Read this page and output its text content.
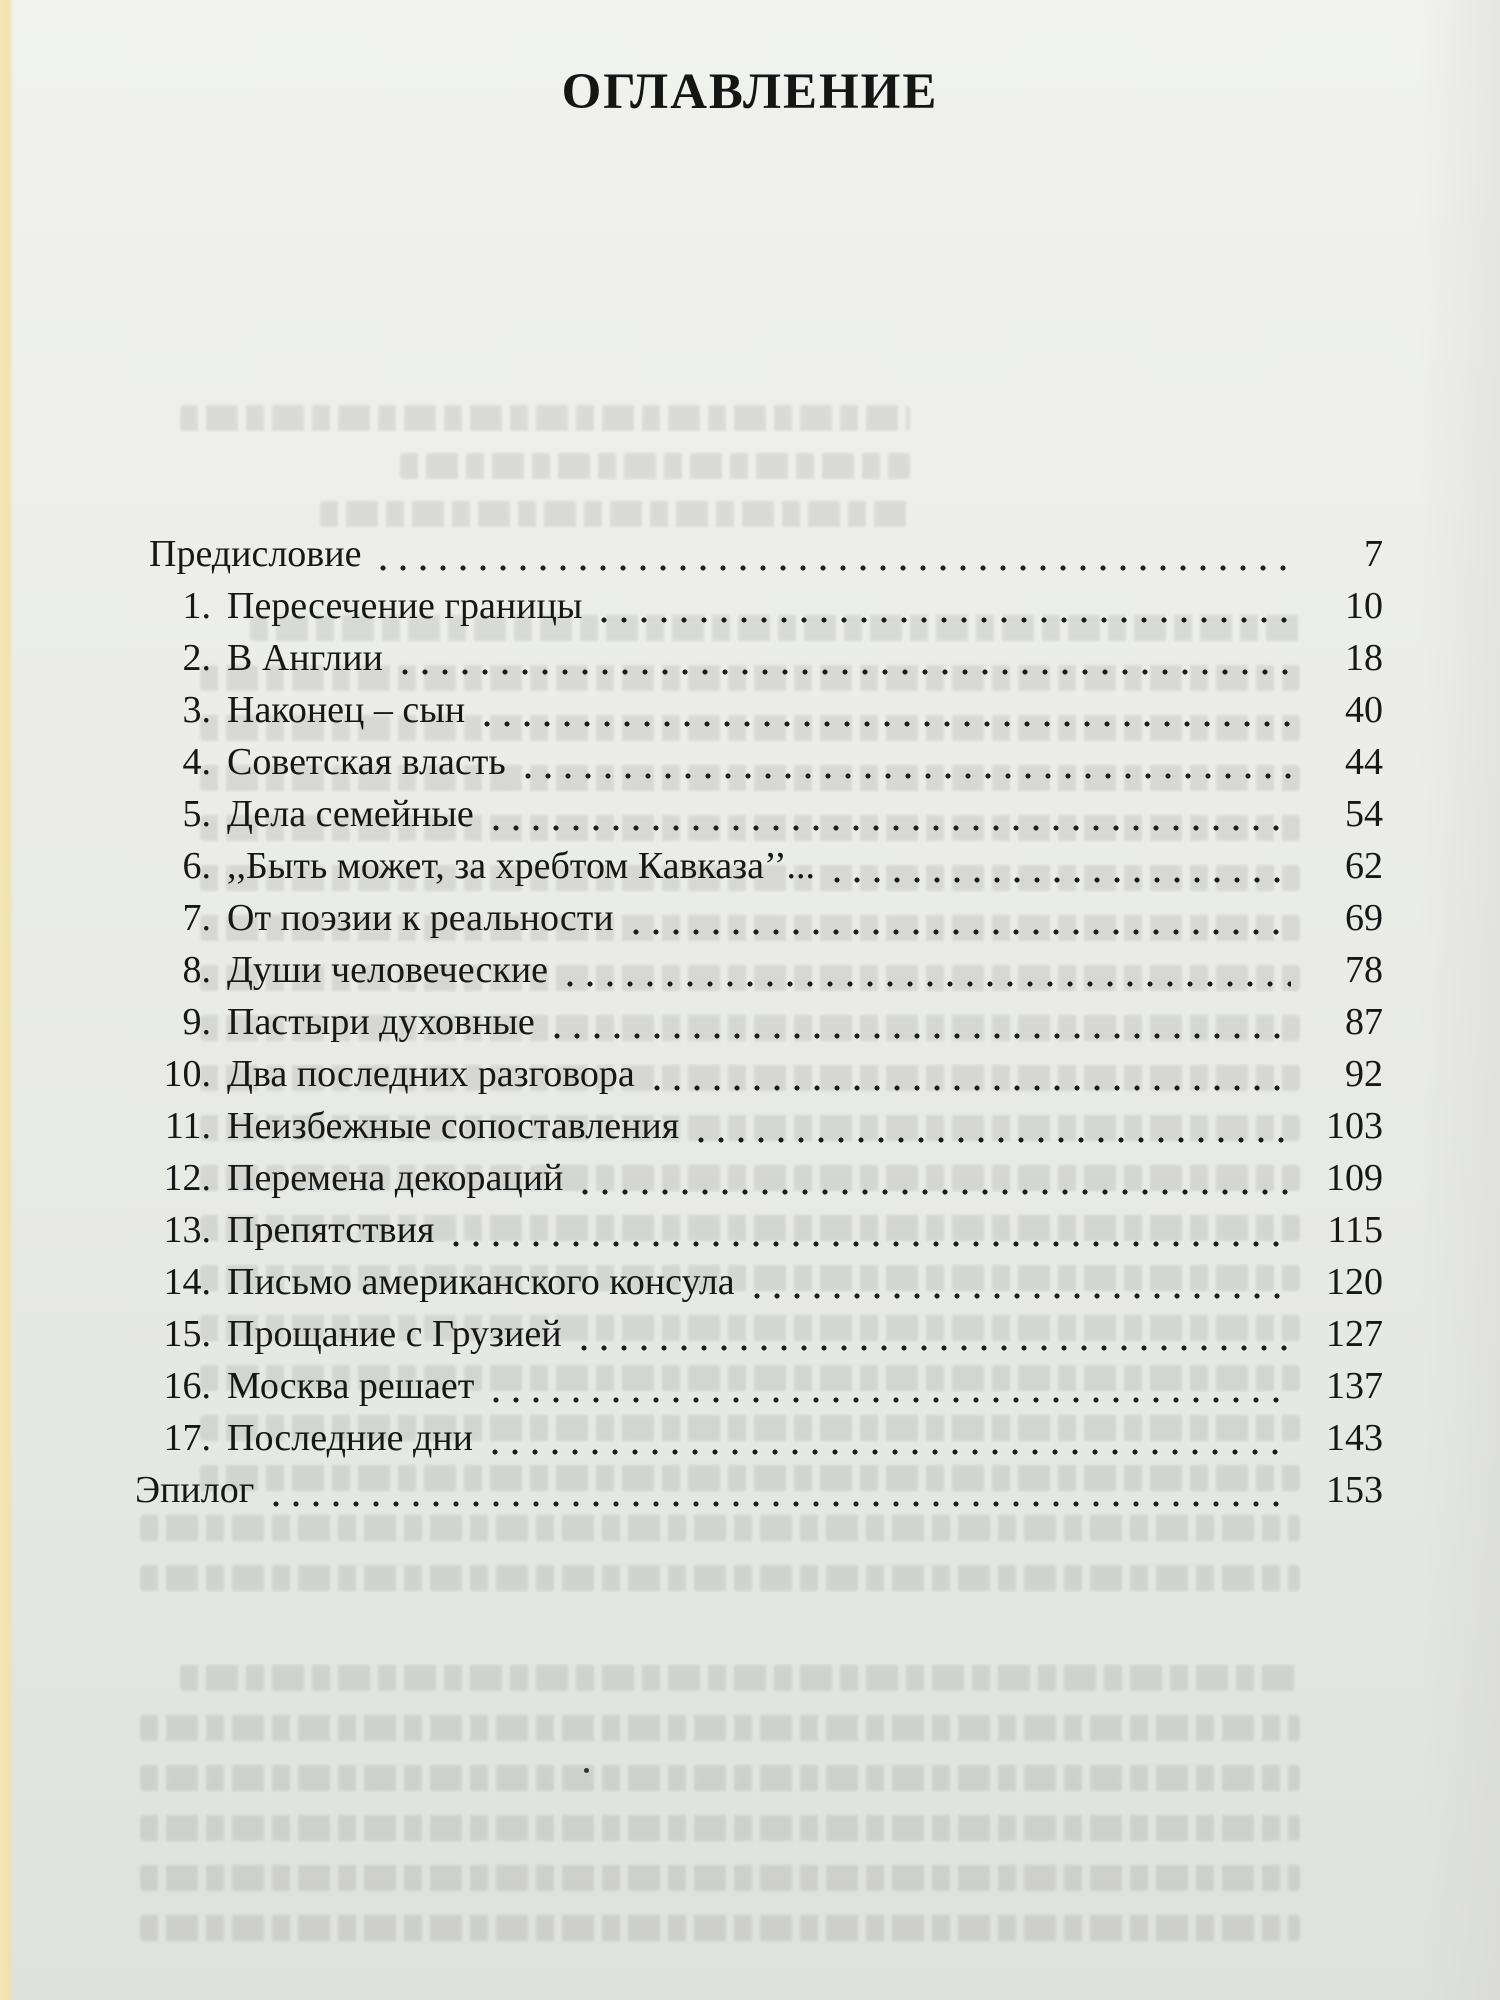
ОГЛАВЛЕНИЕ
Предисловие	7
1. Пересечение границы	10
2. В Англии	18
3. Наконец – сын	40
4. Советская власть	44
5. Дела семейные	54
6. ,,Быть может, за хребтом Кавказа’’...	62
7. От поэзии к реальности	69
8. Души человеческие	78
9. Пастыри духовные	87
10. Два последних разговора	92
11. Неизбежные сопоставления	103
12. Перемена декораций	109
13. Препятствия	115
14. Письмо американского консула	120
15. Прощание с Грузией	127
16. Москва решает	137
17. Последние дни	143
Эпилог	153
